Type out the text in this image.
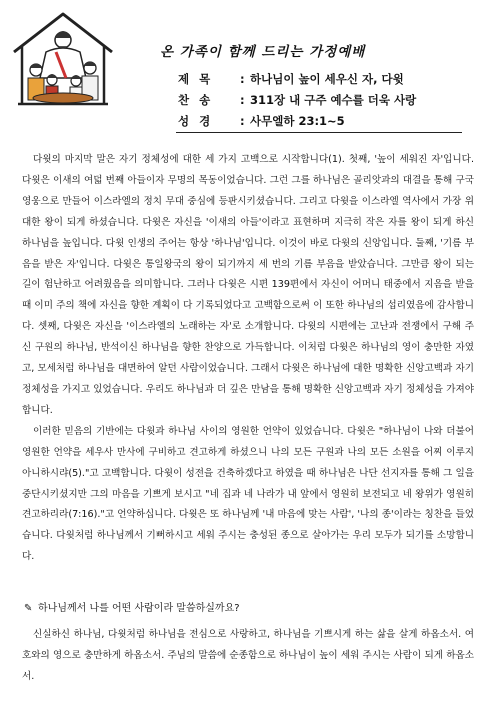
온 가족이 함께 드리는 가정예배
제 목	: 하나님이 높이 세우신 자, 다윗
찬 송	: 311장 내 구주 예수를 더욱 사랑
성 경	: 사무엘하 23:1~5

다윗의 마지막 말은 자기 정체성에 대한 세 가지 고백으로 시작합니다(1). 첫째, '높이 세워진 자'입니다. 다윗은 이새의 여덟 번째 아들이자 무명의 목동이었습니다. 그런 그를 하나님은 골리앗과의 대결을 통해 구국 영웅으로 만들어 이스라엘의 정치 무대 중심에 등판시키셨습니다. 그리고 다윗을 이스라엘 역사에서 가장 위대한 왕이 되게 하셨습니다. 다윗은 자신을 '이새의 아들'이라고 표현하며 지극히 작은 자를 왕이 되게 하신 하나님을 높입니다. 다윗 인생의 주어는 항상 '하나님'입니다. 이것이 바로 다윗의 신앙입니다. 둘째, '기름 부음을 받은 자'입니다. 다윗은 통일왕국의 왕이 되기까지 세 번의 기름 부음을 받았습니다. 그만큼 왕이 되는 길이 험난하고 어려웠음을 의미합니다. 그러나 다윗은 시편 139편에서 자신이 어머니 태중에서 지음을 받을 때 이미 주의 책에 자신을 향한 계획이 다 기록되었다고 고백함으로써 이 또한 하나님의 섭리였음에 감사합니다. 셋째, 다윗은 자신을 '이스라엘의 노래하는 자'로 소개합니다. 다윗의 시편에는 고난과 전쟁에서 구해 주신 구원의 하나님, 반석이신 하나님을 향한 찬양으로 가득합니다. 이처럼 다윗은 하나님의 영이 충만한 자였고, 모세처럼 하나님을 대면하여 알던 사람이었습니다. 그래서 다윗은 하나님에 대한 명확한 신앙고백과 자기 정체성을 가지고 있었습니다. 우리도 하나님과 더 깊은 만남을 통해 명확한 신앙고백과 자기 정체성을 가져야 합니다.

이러한 믿음의 기반에는 다윗과 하나님 사이의 영원한 언약이 있었습니다. 다윗은 "하나님이 나와 더불어 영원한 언약을 세우사 만사에 구비하고 견고하게 하셨으니 나의 모든 구원과 나의 모든 소원을 어찌 이루지 아니하시랴(5)."고 고백합니다. 다윗이 성전을 건축하겠다고 하였을 때 하나님은 나단 선지자를 통해 그 일을 중단시키셨지만 그의 마음을 기쁘게 보시고 "네 집과 네 나라가 내 앞에서 영원히 보전되고 네 왕위가 영원히 견고하리라(7:16)."고 언약하십니다. 다윗은 또 하나님께 '내 마음에 맞는 사람', '나의 종'이라는 칭찬을 들었습니다. 다윗처럼 하나님께서 기뻐하시고 세워 주시는 충성된 종으로 살아가는 우리 모두가 되기를 소망합니다.

✎ 하나님께서 나를 어떤 사람이라 말씀하실까요?

신실하신 하나님, 다윗처럼 하나님을 전심으로 사랑하고, 하나님을 기쁘시게 하는 삶을 살게 하옵소서. 여호와의 영으로 충만하게 하옵소서. 주님의 말씀에 순종함으로 하나님이 높이 세워 주시는 사람이 되게 하옵소서.
